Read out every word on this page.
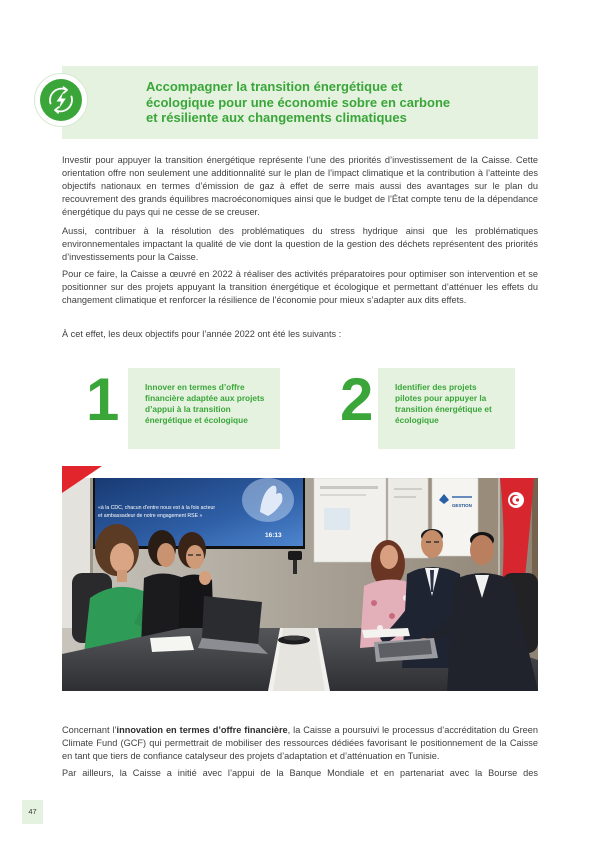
Accompagner la transition énergétique et
écologique pour une économie sobre en carbone
et résiliente aux changements climatiques

Investir pour appuyer la transition énergétique représente l’une des priorités d’investissement de la Caisse. Cette orientation offre non seulement une additionnalité sur le plan de l’impact climatique et la contribution à l’atteinte des objectifs nationaux en termes d’émission de gaz à effet de serre mais aussi des avantages sur le plan du recouvrement des grands équilibres macroéconomiques ainsi que le budget de l’État compte tenu de la dépendance énergétique du pays qui ne cesse de se creuser.

Aussi, contribuer à la résolution des problématiques du stress hydrique ainsi que les problématiques environnementales impactant la qualité de vie dont la question de la gestion des déchets représentent des priorités d’investissements pour la Caisse.

Pour ce faire, la Caisse a œuvré en 2022 à réaliser des activités préparatoires pour optimiser son intervention et se positionner sur des projets appuyant la transition énergétique et écologique et permettant d’atténuer les effets du changement climatique et renforcer la résilience de l’économie pour mieux s’adapter aux dits effets.

À cet effet, les deux objectifs pour l’année 2022 ont été les suivants :

1	Innover en termes d’offre
financière adaptée aux projets
d’appui à la transition
énergétique et écologique 2	Identifier des projets
pilotes pour appuyer la
transition énergétique et
écologique
«à la CDC, chacun d’entre nous est à la fois acteur
et ambassadeur de notre engagement RSE »
16:13
GESTION

Concernant l’innovation en termes d’offre financière, la Caisse a poursuivi le processus d’accréditation du Green Climate Fund (GCF) qui permettrait de mobiliser des ressources dédiées favorisant le positionnement de la Caisse en tant que tiers de confiance catalyseur des projets d’adaptation et d’atténuation en Tunisie.

Par ailleurs, la Caisse a initié avec l’appui de la Banque Mondiale et en partenariat avec la Bourse des

47
